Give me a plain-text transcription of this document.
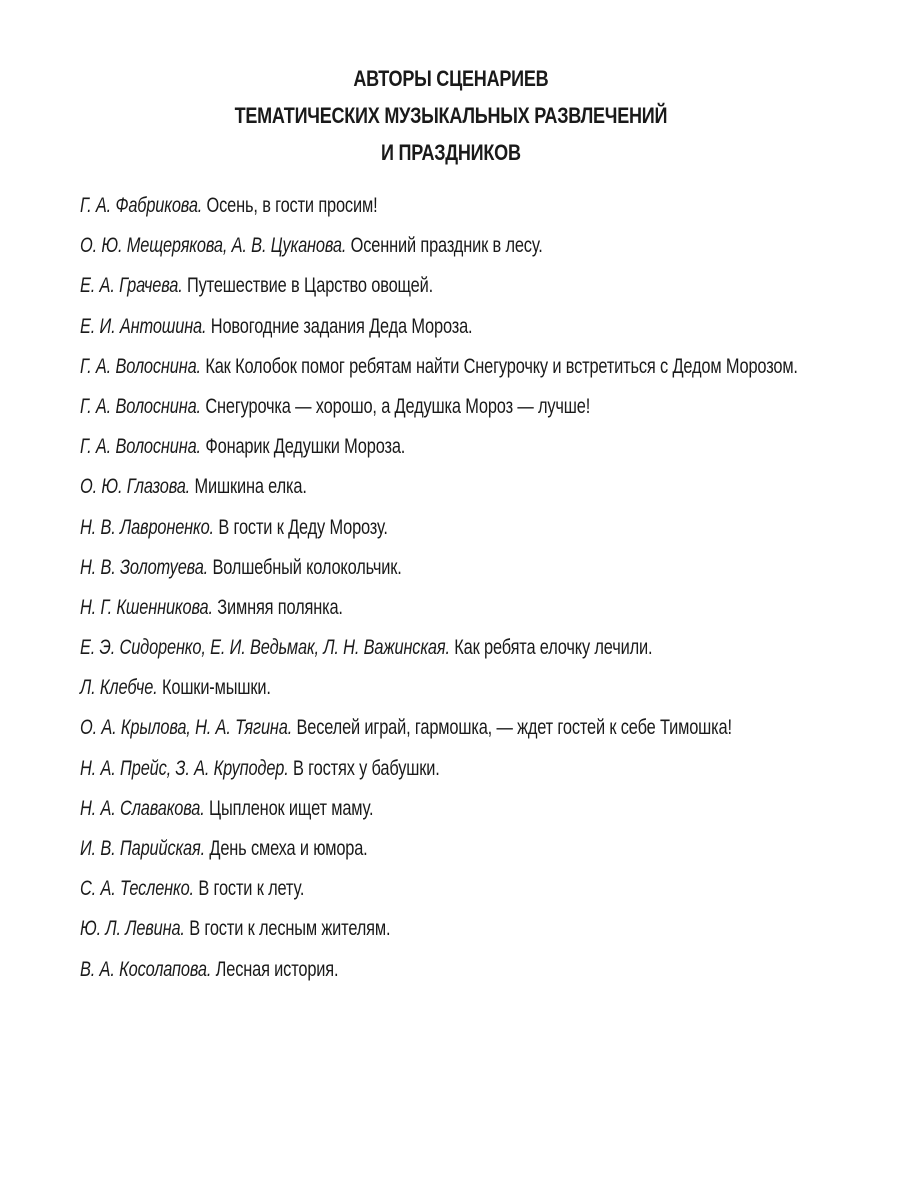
АВТОРЫ СЦЕНАРИЕВ
ТЕМАТИЧЕСКИХ МУЗЫКАЛЬНЫХ РАЗВЛЕЧЕНИЙ
И ПРАЗДНИКОВ
Г. А. Фабрикова. Осень, в гости просим!
О. Ю. Мещерякова, А. В. Цуканова. Осенний праздник в лесу.
Е. А. Грачева. Путешествие в Царство овощей.
Е. И. Антошина. Новогодние задания Деда Мороза.
Г. А. Волоснина. Как Колобок помог ребятам найти Снегурочку и встретиться с Дедом Морозом.
Г. А. Волоснина. Снегурочка — хорошо, а Дедушка Мороз — лучше!
Г. А. Волоснина. Фонарик Дедушки Мороза.
О. Ю. Глазова. Мишкина елка.
Н. В. Лавроненко. В гости к Деду Морозу.
Н. В. Золотуева. Волшебный колокольчик.
Н. Г. Кшенникова. Зимняя полянка.
Е. Э. Сидоренко, Е. И. Ведьмак, Л. Н. Важинская. Как ребята елочку лечили.
Л. Клебче. Кошки-мышки.
О. А. Крылова, Н. А. Тягина. Веселей играй, гармошка, — ждет гостей к себе Тимошка!
Н. А. Прейс, З. А. Круподер. В гостях у бабушки.
Н. А. Славакова. Цыпленок ищет маму.
И. В. Парийская. День смеха и юмора.
С. А. Тесленко. В гости к лету.
Ю. Л. Левина. В гости к лесным жителям.
В. А. Косолапова. Лесная история.
